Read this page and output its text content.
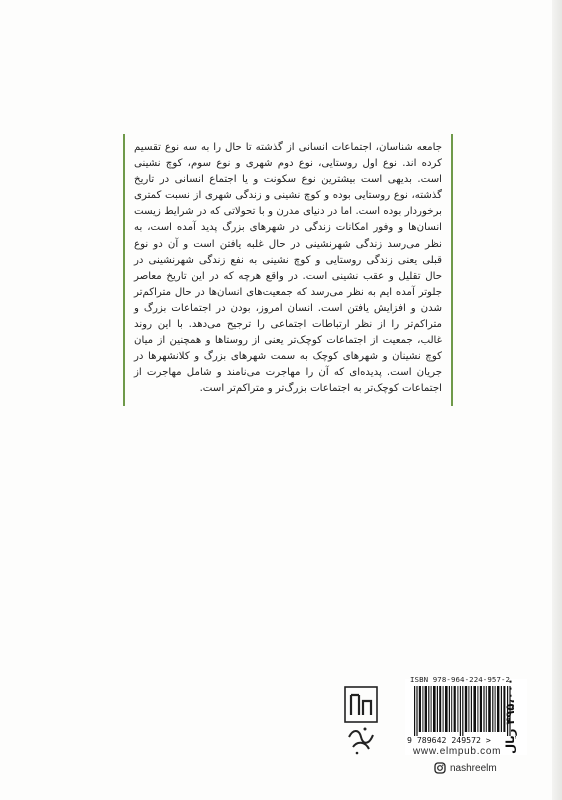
جامعه شناسان، اجتماعات انسانی از گذشته تا حال را به سه نوع تقسیم کرده اند. نوع اول روستایی، نوع دوم شهری و نوع سوم، کوچ نشینی است. بدیهی است بیشترین نوع سکونت و یا اجتماع انسانی در تاریخ گذشته، نوع روستایی بوده و کوچ نشینی و زندگی شهری از نسبت کمتری برخوردار بوده است. اما در دنیای مدرن و با تحولاتی که در شرایط زیست انسان‌ها و وفور امکانات زندگی در شهرهای بزرگ پدید آمده است، به نظر می‌رسد زندگی شهرنشینی در حال غلبه یافتن است و آن دو نوع قبلی یعنی زندگی روستایی و کوچ نشینی به نفع زندگی شهرنشینی در حال تقلیل و عقب نشینی است. در واقع هرچه که در این تاریخ معاصر جلوتر آمده ایم به نظر می‌رسد که جمعیت‌های انسان‌ها در حال متراکم‌تر شدن و افزایش یافتن است. انسان امروز، بودن در اجتماعات بزرگ و متراکم‌تر را از نظر ارتباطات اجتماعی را ترجیح می‌دهد. با این روند غالب، جمعیت از اجتماعات کوچک‌تر یعنی از روستاها و همچنین از میان کوچ نشینان و شهرهای کوچک به سمت شهرهای بزرگ و کلانشهرها در جریان است. پدیده‌ای که آن را مهاجرت می‌نامند و شامل مهاجرت از اجتماعات کوچک‌تر به اجتماعات بزرگ‌تر و متراکم‌تر است.

ISBN 978-964-224-957-2
9 789642 249572 > ۴۹۵،۰۰۰ ریال
www.elmpub.com
nashreelm
